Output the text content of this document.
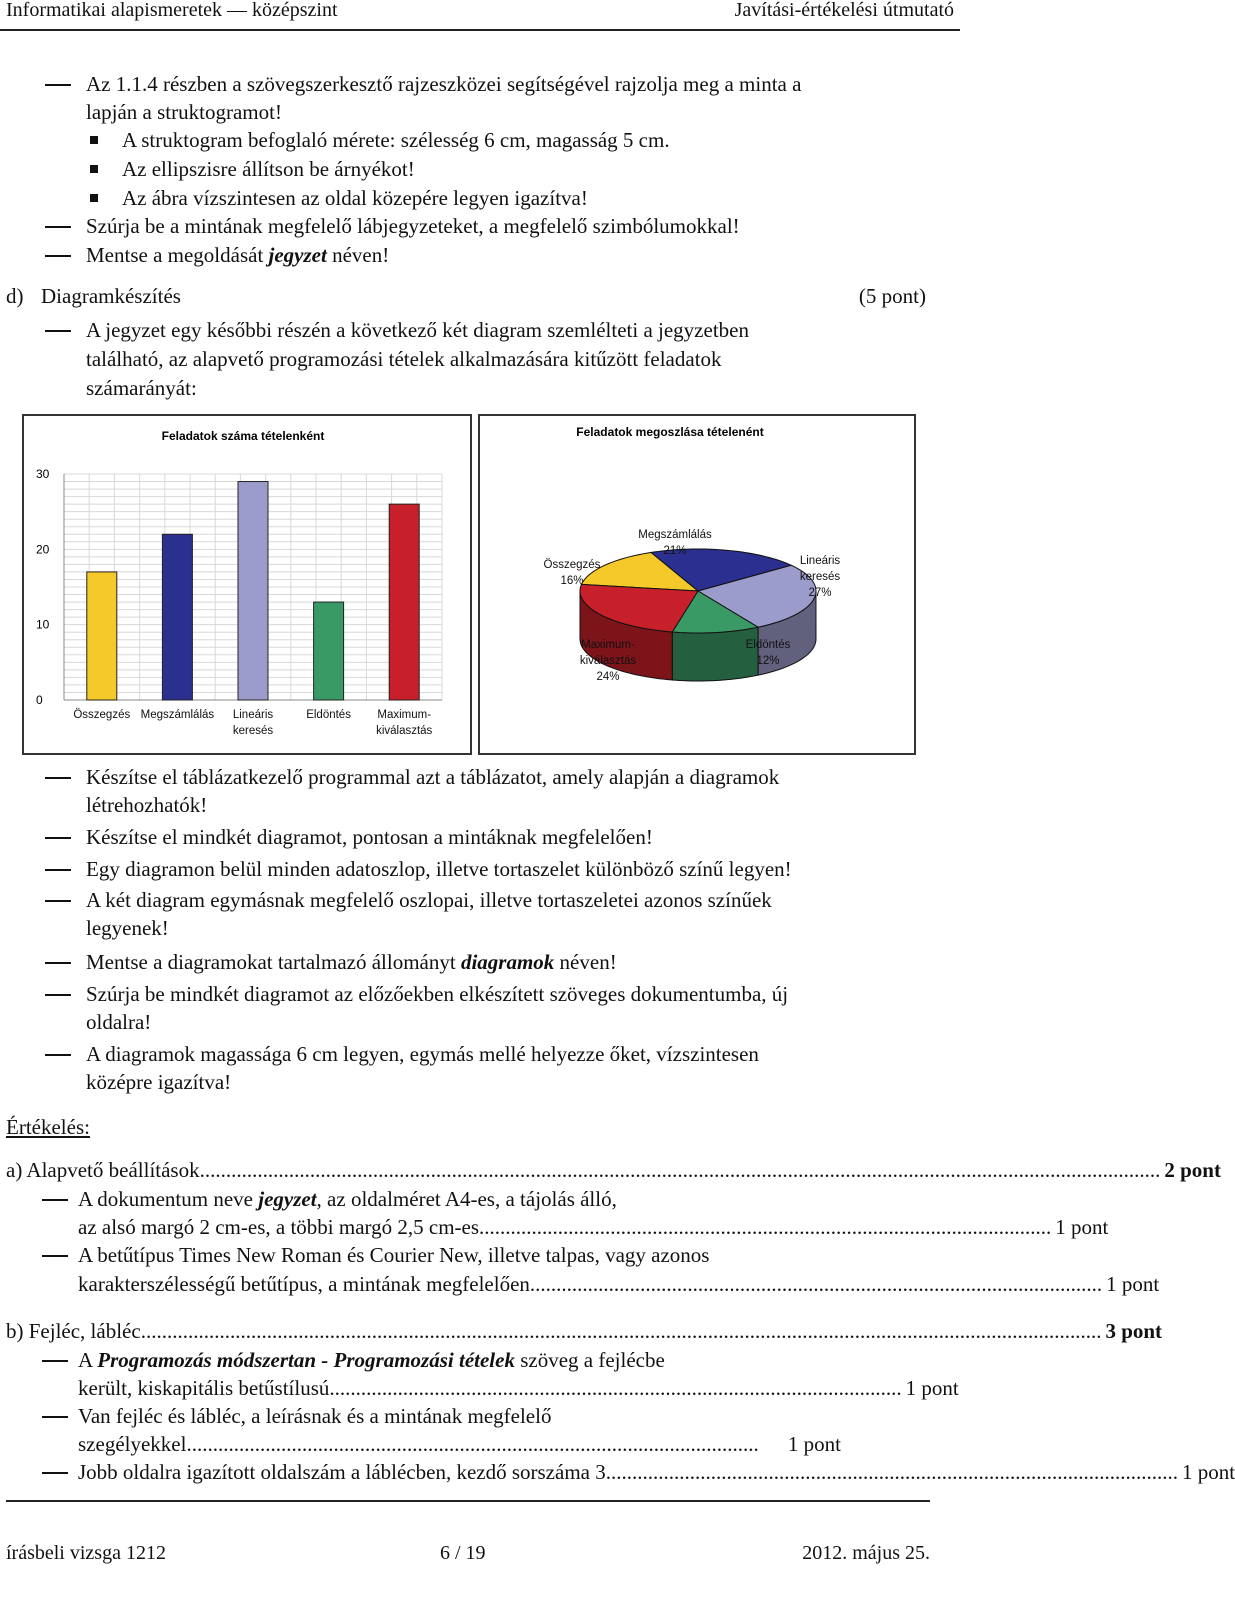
Informatikai alapismeretek — középszint	Javítási-értékelési útmutató
Az 1.1.4 részben a szövegszerkesztő rajzeszközei segítségével rajzolja meg a minta a
lapján a struktogramot!
A struktogram befoglaló mérete: szélesség 6 cm, magasság 5 cm.
Az ellipszisre állítson be árnyékot!
Az ábra vízszintesen az oldal közepére legyen igazítva!
Szúrja be a mintának megfelelő lábjegyzeteket, a megfelelő szimbólumokkal!
Mentse a megoldását jegyzet néven!
d) Diagramkészítés	(5 pont)
A jegyzet egy későbbi részén a következő két diagram szemlélteti a jegyzetben
található, az alapvető programozási tételek alkalmazására kitűzött feladatok
számarányát:
Feladatok száma tételenként
0
10
20
30
Összegzés Megszámlálás Lineáris
keresés
Eldöntés Maximum-
kiválasztás
Feladatok megoszlása tételenént
Összegzés
16%
Megszámlálás
21%
Lineáris
keresés
27%
Eldöntés
12%
Maximum-
kiválasztás
24%
Készítse el táblázatkezelő programmal azt a táblázatot, amely alapján a diagramok
létrehozhatók!
Készítse el mindkét diagramot, pontosan a mintáknak megfelelően!
Egy diagramon belül minden adatoszlop, illetve tortaszelet különböző színű legyen!
A két diagram egymásnak megfelelő oszlopai, illetve tortaszeletei azonos színűek
legyenek!
Mentse a diagramokat tartalmazó állományt diagramok néven!
Szúrja be mindkét diagramot az előzőekben elkészített szöveges dokumentumba, új
oldalra!
A diagramok magassága 6 cm legyen, egymás mellé helyezze őket, vízszintesen
középre igazítva!
Értékelés:
a) Alapvető beállítások ....................................................................................................................................................................................... 2 pont
A dokumentum neve jegyzet, az oldalméret A4-es, a tájolás álló,
az alsó margó 2 cm-es, a többi margó 2,5 cm-es ............................................................................................................. 1 pont
A betűtípus Times New Roman és Courier New, illetve talpas, vagy azonos
karakterszélességű betűtípus, a mintának megfelelően ............................................................................................................. 1 pont
b) Fejléc, lábléc ....................................................................................................................................................................................... 3 pont
A Programozás módszertan - Programozási tételek szöveg a fejlécbe
került, kiskapitális betűstílusú ............................................................................................................. 1 pont
Van fejléc és lábléc, a leírásnak és a mintának megfelelő
szegélyekkel .............................................................................................................	1 pont
Jobb oldalra igazított oldalszám a láblécben, kezdő sorszáma 3 ............................................................................................................. 1 pont
írásbeli vizsga 1212	6 / 19	2012. május 25.
